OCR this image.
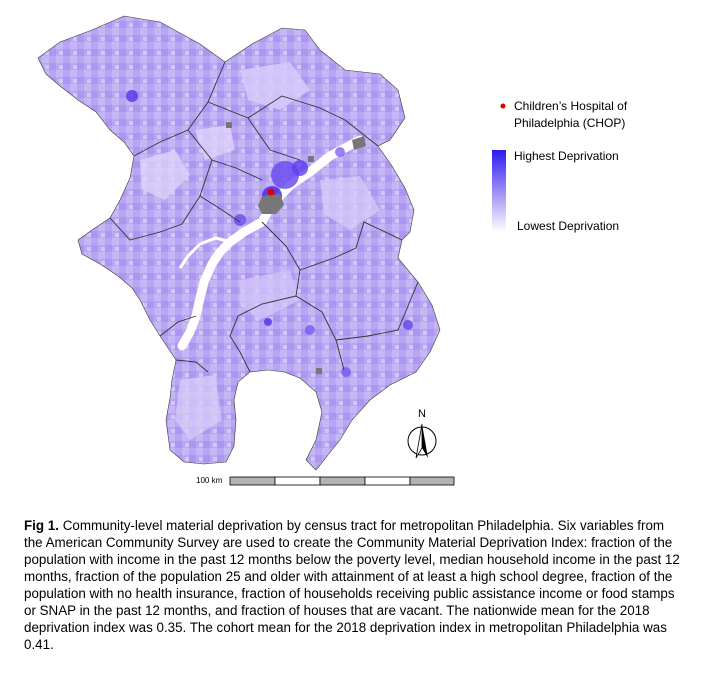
Children’s Hospital of
Philadelphia (CHOP)
Highest Deprivation
Lowest Deprivation
N
100 km
Fig 1. Community-level material deprivation by census tract for metropolitan Philadelphia. Six variables from the American Community Survey are used to create the Community Material Deprivation Index: fraction of the population with income in the past 12 months below the poverty level, median household income in the past 12 months, fraction of the population 25 and older with attainment of at least a high school degree, fraction of the population with no health insurance, fraction of households receiving public assistance income or food stamps or SNAP in the past 12 months, and fraction of houses that are vacant. The nationwide mean for the 2018 deprivation index was 0.35. The cohort mean for the 2018 deprivation index in metropolitan Philadelphia was 0.41.
